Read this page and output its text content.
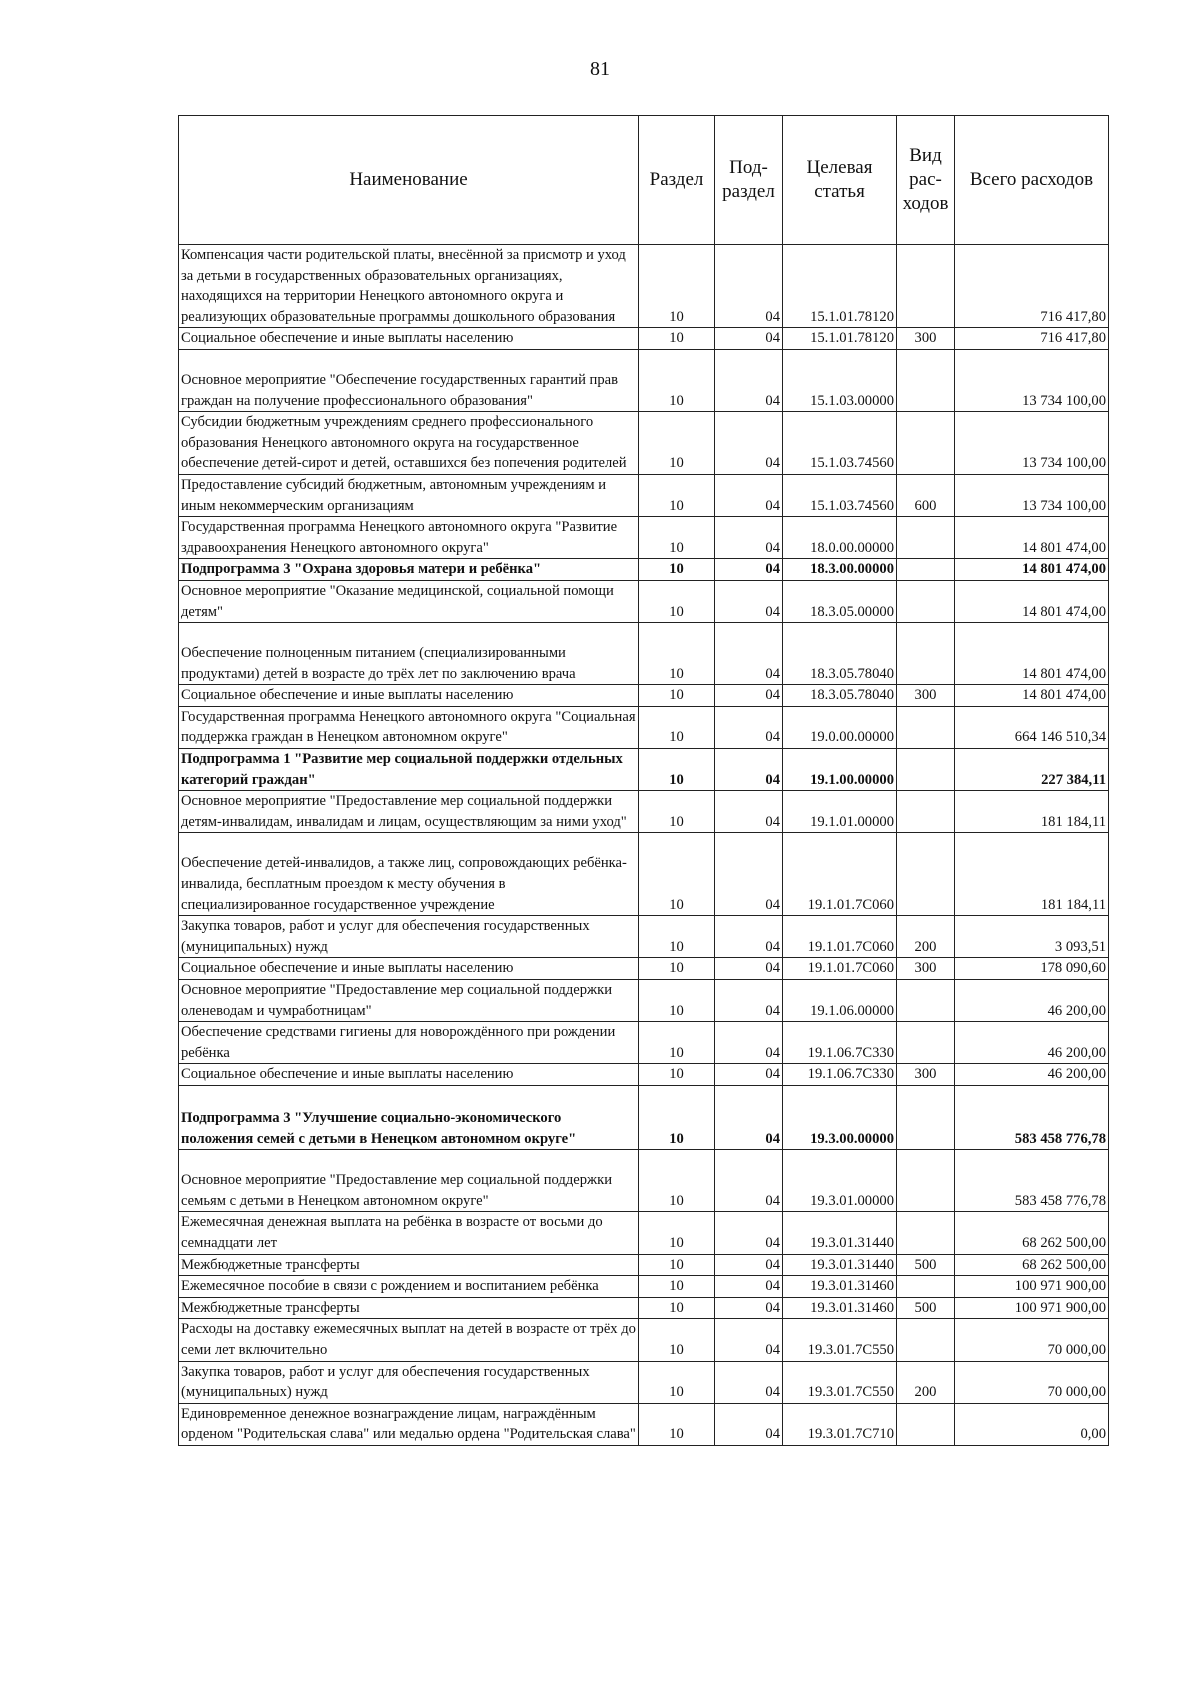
81
Наименование	Раздел	Под-раздел	Целевая статья	Вид рас-ходов	Всего расходов
Компенсация части родительской платы, внесённой за присмотр и уход за детьми в государственных образовательных организациях, находящихся на территории Ненецкого автономного округа и реализующих образовательные программы дошкольного образования	10	04	15.1.01.78120		716 417,80
Социальное обеспечение и иные выплаты населению	10	04	15.1.01.78120	300	716 417,80
Основное мероприятие "Обеспечение государственных гарантий прав граждан на получение профессионального образования"	10	04	15.1.03.00000		13 734 100,00
Субсидии бюджетным учреждениям среднего профессионального образования Ненецкого автономного округа на государственное обеспечение детей-сирот и детей, оставшихся без попечения родителей	10	04	15.1.03.74560		13 734 100,00
Предоставление субсидий бюджетным, автономным учреждениям и иным некоммерческим организациям	10	04	15.1.03.74560	600	13 734 100,00
Государственная программа Ненецкого автономного округа "Развитие здравоохранения Ненецкого автономного округа"	10	04	18.0.00.00000		14 801 474,00
Подпрограмма 3 "Охрана здоровья матери и ребёнка"	10	04	18.3.00.00000		14 801 474,00
Основное мероприятие "Оказание медицинской, социальной помощи детям"	10	04	18.3.05.00000		14 801 474,00
Обеспечение полноценным питанием (специализированными продуктами) детей в возрасте до трёх лет по заключению врача	10	04	18.3.05.78040		14 801 474,00
Социальное обеспечение и иные выплаты населению	10	04	18.3.05.78040	300	14 801 474,00
Государственная программа Ненецкого автономного округа "Социальная поддержка граждан в Ненецком автономном округе"	10	04	19.0.00.00000		664 146 510,34
Подпрограмма 1 "Развитие мер социальной поддержки отдельных категорий граждан"	10	04	19.1.00.00000		227 384,11
Основное мероприятие "Предоставление мер социальной поддержки детям-инвалидам, инвалидам и лицам, осуществляющим за ними уход"	10	04	19.1.01.00000		181 184,11
Обеспечение детей-инвалидов, а также лиц, сопровождающих ребёнка-инвалида, бесплатным проездом к месту обучения в специализированное государственное учреждение	10	04	19.1.01.7С060		181 184,11
Закупка товаров, работ и услуг для обеспечения государственных (муниципальных) нужд	10	04	19.1.01.7С060	200	3 093,51
Социальное обеспечение и иные выплаты населению	10	04	19.1.01.7С060	300	178 090,60
Основное мероприятие "Предоставление мер социальной поддержки оленеводам и чумработницам"	10	04	19.1.06.00000		46 200,00
Обеспечение средствами гигиены для новорождённого при рождении ребёнка	10	04	19.1.06.7С330		46 200,00
Социальное обеспечение и иные выплаты населению	10	04	19.1.06.7С330	300	46 200,00
Подпрограмма 3 "Улучшение социально-экономического положения семей с детьми в Ненецком автономном округе"	10	04	19.3.00.00000		583 458 776,78
Основное мероприятие "Предоставление мер социальной поддержки семьям с детьми в Ненецком автономном округе"	10	04	19.3.01.00000		583 458 776,78
Ежемесячная денежная выплата на ребёнка в возрасте от восьми до семнадцати лет	10	04	19.3.01.31440		68 262 500,00
Межбюджетные трансферты	10	04	19.3.01.31440	500	68 262 500,00
Ежемесячное пособие в связи с рождением и воспитанием ребёнка	10	04	19.3.01.31460		100 971 900,00
Межбюджетные трансферты	10	04	19.3.01.31460	500	100 971 900,00
Расходы на доставку ежемесячных выплат на детей в возрасте от трёх до семи лет включительно	10	04	19.3.01.7С550		70 000,00
Закупка товаров, работ и услуг для обеспечения государственных (муниципальных) нужд	10	04	19.3.01.7С550	200	70 000,00
Единовременное денежное вознаграждение лицам, награждённым орденом "Родительская слава" или медалью ордена "Родительская слава"	10	04	19.3.01.7С710		0,00
